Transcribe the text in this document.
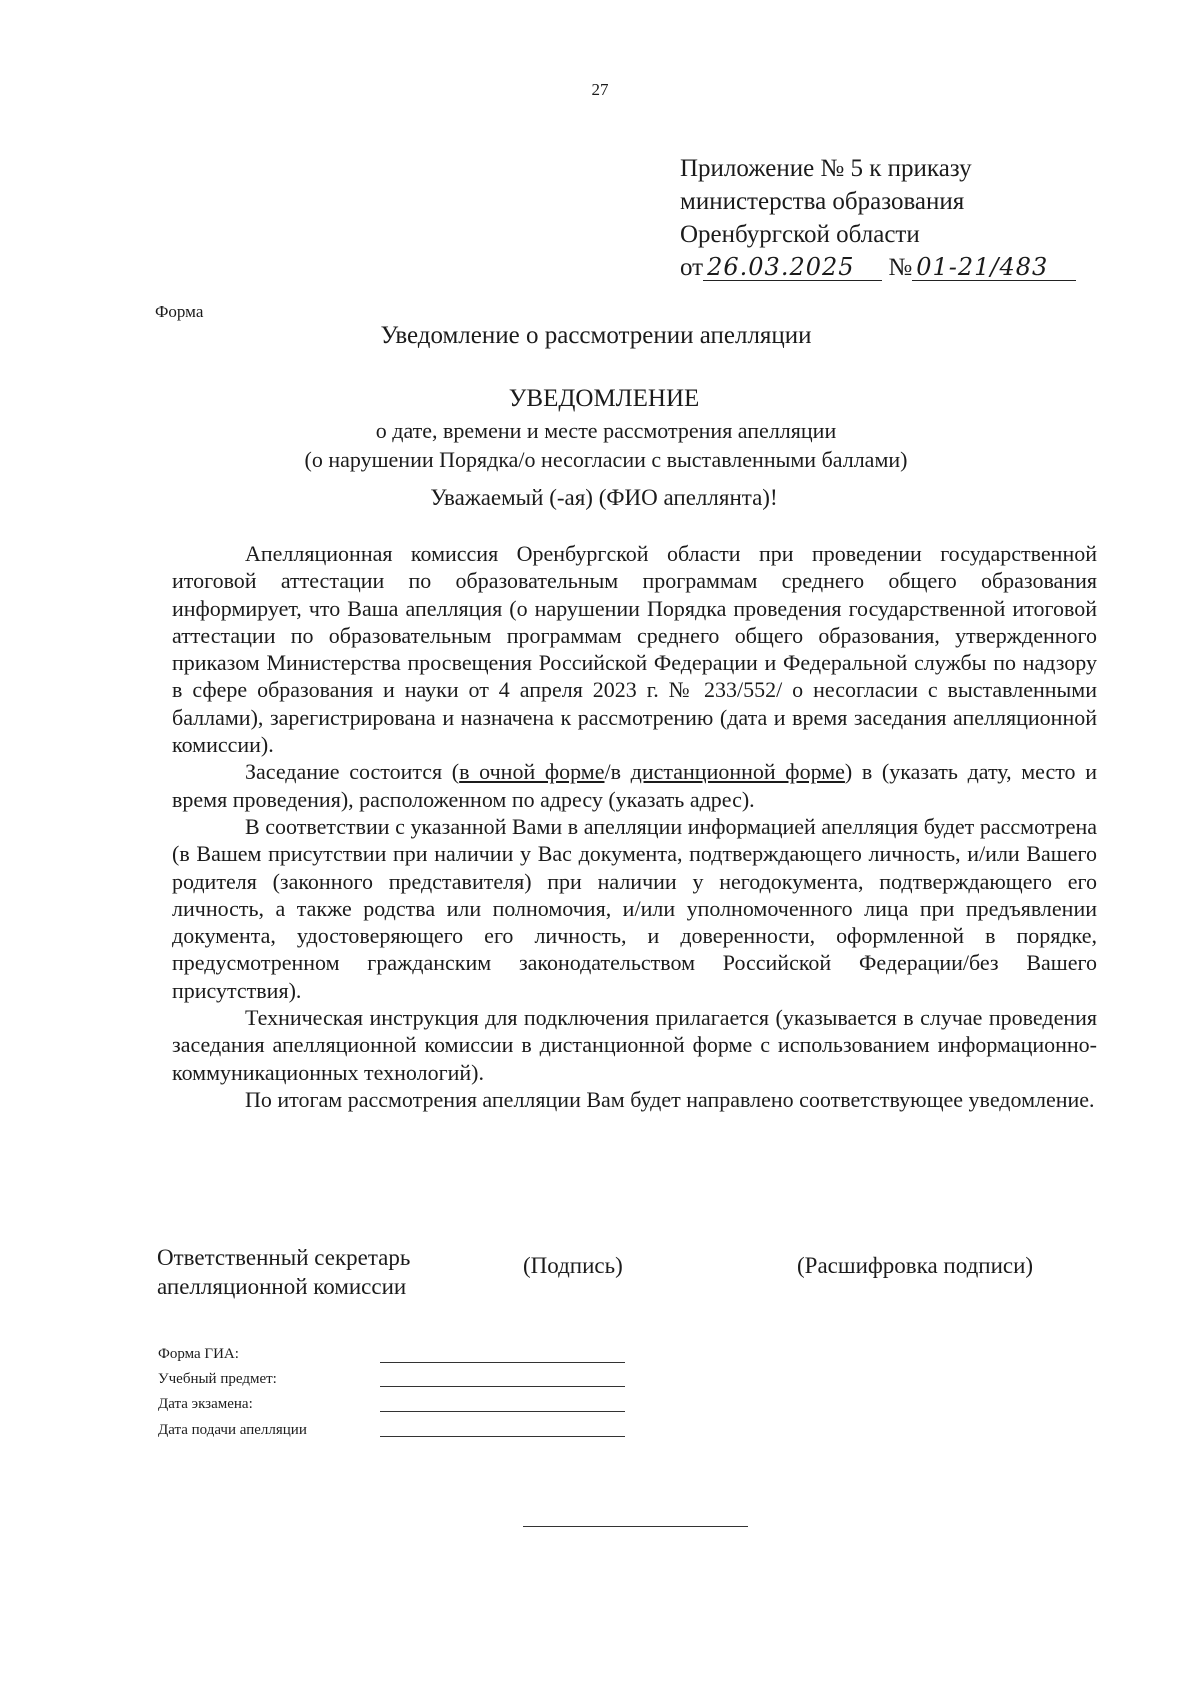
27
Приложение № 5 к приказу
министерства образования
Оренбургской области
от 26.03.2025 № 01-21/483
Форма
Уведомление о рассмотрении апелляции
УВЕДОМЛЕНИЕ
о дате, времени и месте рассмотрения апелляции
(о нарушении Порядка/о несогласии с выставленными баллами)
Уважаемый (-ая) (ФИО апеллянта)!

Апелляционная комиссия Оренбургской области при проведении государственной итоговой аттестации по образовательным программам среднего общего образования информирует, что Ваша апелляция (о нарушении Порядка проведения государственной итоговой аттестации по образовательным программам среднего общего образования, утвержденного приказом Министерства просвещения Российской Федерации и Федеральной службы по надзору в сфере образования и науки от 4 апреля 2023 г. № 233/552/ о несогласии с выставленными баллами), зарегистрирована и назначена к рассмотрению (дата и время заседания апелляционной комиссии).

Заседание состоится (в очной форме/в дистанционной форме) в (указать дату, место и время проведения), расположенном по адресу (указать адрес).

В соответствии с указанной Вами в апелляции информацией апелляция будет рассмотрена (в Вашем присутствии при наличии у Вас документа, подтверждающего личность, и/или Вашего родителя (законного представителя) при наличии у негодокумента, подтверждающего его личность, а также родства или полномочия, и/или уполномоченного лица при предъявлении документа, удостоверяющего его личность, и доверенности, оформленной в порядке, предусмотренном гражданским законодательством Российской Федерации/без Вашего присутствия).

Техническая инструкция для подключения прилагается (указывается в случае проведения заседания апелляционной комиссии в дистанционной форме с использованием информационно-коммуникационных технологий).

По итогам рассмотрения апелляции Вам будет направлено соответствующее уведомление.

Ответственный секретарь
апелляционной комиссии
(Подпись)	(Расшифровка подписи)
Форма ГИА:
Учебный предмет:
Дата экзамена:
Дата подачи апелляции
